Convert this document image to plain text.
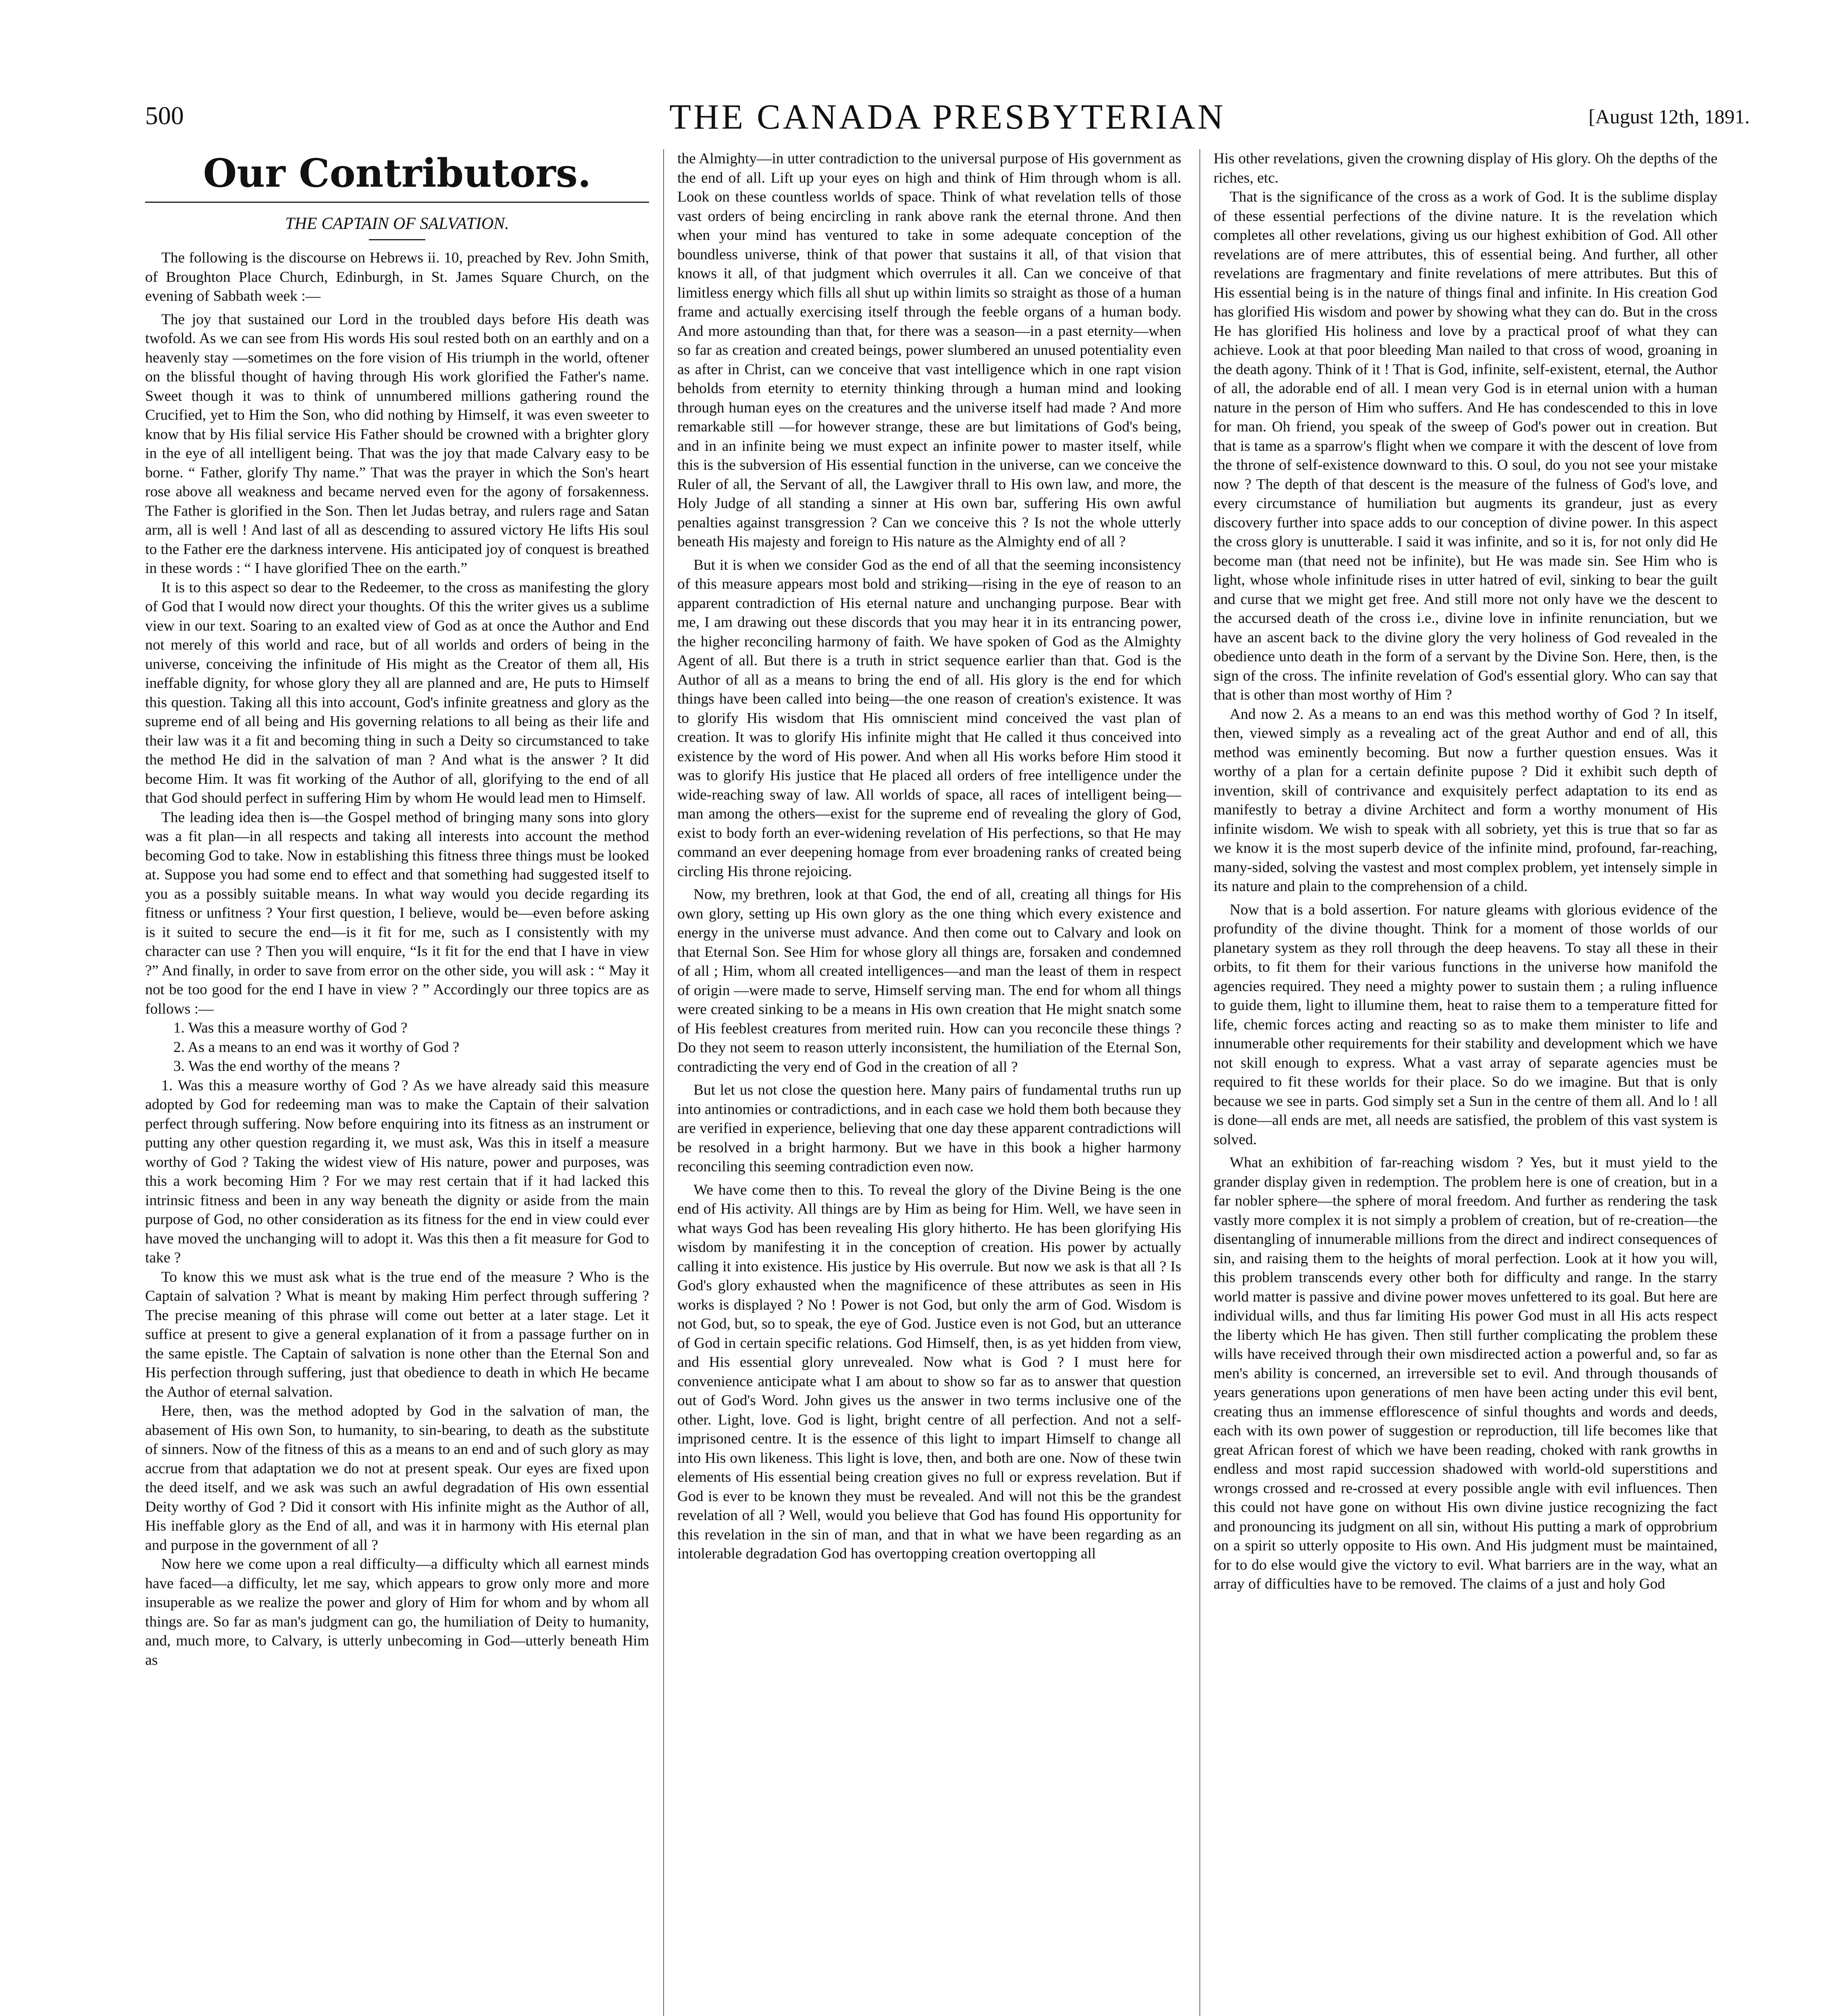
500	THE CANADA PRESBYTERIAN	[August 12th, 1891.
Our Contributors.
THE CAPTAIN OF SALVATION.

The following is the discourse on Hebrews ii. 10, preached by Rev. John Smith, of Broughton Place Church, Edinburgh, in St. James Square Church, on the evening of Sabbath week :—

The joy that sustained our Lord in the troubled days before His death was twofold. As we can see from His words His soul rested both on an earthly and on a heavenly stay —sometimes on the fore vision of His triumph in the world, oftener on the blissful thought of having through His work glorified the Father's name. Sweet though it was to think of unnumbered millions gathering round the Crucified, yet to Him the Son, who did nothing by Himself, it was even sweeter to know that by His filial service His Father should be crowned with a brighter glory in the eye of all intelligent being. That was the joy that made Calvary easy to be borne. “ Father, glorify Thy name.” That was the prayer in which the Son's heart rose above all weakness and became nerved even for the agony of forsakenness. The Father is glorified in the Son. Then let Judas betray, and rulers rage and Satan arm, all is well ! And last of all as descending to assured victory He lifts His soul to the Father ere the darkness intervene. His anticipated joy of conquest is breathed in these words : “ I have glorified Thee on the earth.”

It is to this aspect so dear to the Redeemer, to the cross as manifesting the glory of God that I would now direct your thoughts. Of this the writer gives us a sublime view in our text. Soaring to an exalted view of God as at once the Author and End not merely of this world and race, but of all worlds and orders of being in the universe, conceiving the infinitude of His might as the Creator of them all, His ineffable dignity, for whose glory they all are planned and are, He puts to Himself this question. Taking all this into account, God's infinite greatness and glory as the supreme end of all being and His governing relations to all being as their life and their law was it a fit and becoming thing in such a Deity so circumstanced to take the method He did in the salvation of man ? And what is the answer ? It did become Him. It was fit working of the Author of all, glorifying to the end of all that God should perfect in suffering Him by whom He would lead men to Himself.

The leading idea then is—the Gospel method of bringing many sons into glory was a fit plan—in all respects and taking all interests into account the method becoming God to take. Now in establishing this fitness three things must be looked at. Suppose you had some end to effect and that something had suggested itself to you as a possibly suitable means. In what way would you decide regarding its fitness or unfitness ? Your first question, I believe, would be—even before asking is it suited to secure the end—is it fit for me, such as I consistently with my character can use ? Then you will enquire, “Is it fit for the end that I have in view ?” And finally, in order to save from error on the other side, you will ask : “ May it not be too good for the end I have in view ? ” Accordingly our three topics are as follows :—

1. Was this a measure worthy of God ?

2. As a means to an end was it worthy of God ?

3. Was the end worthy of the means ?

1. Was this a measure worthy of God ? As we have already said this measure adopted by God for redeeming man was to make the Captain of their salvation perfect through suffering. Now before enquiring into its fitness as an instrument or putting any other question regarding it, we must ask, Was this in itself a measure worthy of God ? Taking the widest view of His nature, power and purposes, was this a work becoming Him ? For we may rest certain that if it had lacked this intrinsic fitness and been in any way beneath the dignity or aside from the main purpose of God, no other consideration as its fitness for the end in view could ever have moved the unchanging will to adopt it. Was this then a fit measure for God to take ?

To know this we must ask what is the true end of the measure ? Who is the Captain of salvation ? What is meant by making Him perfect through suffering ? The precise meaning of this phrase will come out better at a later stage. Let it suffice at present to give a general explanation of it from a passage further on in the same epistle. The Captain of salvation is none other than the Eternal Son and His perfection through suffering, just that obedience to death in which He became the Author of eternal salvation.

Here, then, was the method adopted by God in the salvation of man, the abasement of His own Son, to humanity, to sin-bearing, to death as the substitute of sinners. Now of the fitness of this as a means to an end and of such glory as may accrue from that adaptation we do not at present speak. Our eyes are fixed upon the deed itself, and we ask was such an awful degradation of His own essential Deity worthy of God ? Did it consort with His infinite might as the Author of all, His ineffable glory as the End of all, and was it in harmony with His eternal plan and purpose in the government of all ?

Now here we come upon a real difficulty—a difficulty which all earnest minds have faced—a difficulty, let me say, which appears to grow only more and more insuperable as we realize the power and glory of Him for whom and by whom all things are. So far as man's judgment can go, the humiliation of Deity to humanity, and, much more, to Calvary, is utterly unbecoming in God—utterly beneath Him as

the Almighty—in utter contradiction to the universal purpose of His government as the end of all. Lift up your eyes on high and think of Him through whom is all. Look on these countless worlds of space. Think of what revelation tells of those vast orders of being encircling in rank above rank the eternal throne. And then when your mind has ventured to take in some adequate conception of the boundless universe, think of that power that sustains it all, of that vision that knows it all, of that judgment which overrules it all. Can we conceive of that limitless energy which fills all shut up within limits so straight as those of a human frame and actually exercising itself through the feeble organs of a human body. And more astounding than that, for there was a season—in a past eternity—when so far as creation and created beings, power slumbered an unused potentiality even as after in Christ, can we conceive that vast intelligence which in one rapt vision beholds from eternity to eternity thinking through a human mind and looking through human eyes on the creatures and the universe itself had made ? And more remarkable still —for however strange, these are but limitations of God's being, and in an infinite being we must expect an infinite power to master itself, while this is the subversion of His essential function in the universe, can we conceive the Ruler of all, the Servant of all, the Lawgiver thrall to His own law, and more, the Holy Judge of all standing a sinner at His own bar, suffering His own awful penalties against transgression ? Can we conceive this ? Is not the whole utterly beneath His majesty and foreign to His nature as the Almighty end of all ?

But it is when we consider God as the end of all that the seeming inconsistency of this measure appears most bold and striking—rising in the eye of reason to an apparent contradiction of His eternal nature and unchanging purpose. Bear with me, I am drawing out these discords that you may hear it in its entrancing power, the higher reconciling harmony of faith. We have spoken of God as the Almighty Agent of all. But there is a truth in strict sequence earlier than that. God is the Author of all as a means to bring the end of all. His glory is the end for which things have been called into being—the one reason of creation's existence. It was to glorify His wisdom that His omniscient mind conceived the vast plan of creation. It was to glorify His infinite might that He called it thus conceived into existence by the word of His power. And when all His works before Him stood it was to glorify His justice that He placed all orders of free intelligence under the wide-reaching sway of law. All worlds of space, all races of intelligent being—man among the others—exist for the supreme end of revealing the glory of God, exist to body forth an ever-widening revelation of His perfections, so that He may command an ever deepening homage from ever broadening ranks of created being circling His throne rejoicing.

Now, my brethren, look at that God, the end of all, creating all things for His own glory, setting up His own glory as the one thing which every existence and energy in the universe must advance. And then come out to Calvary and look on that Eternal Son. See Him for whose glory all things are, forsaken and condemned of all ; Him, whom all created intelligences—and man the least of them in respect of origin —were made to serve, Himself serving man. The end for whom all things were created sinking to be a means in His own creation that He might snatch some of His feeblest creatures from merited ruin. How can you reconcile these things ? Do they not seem to reason utterly inconsistent, the humiliation of the Eternal Son, contradicting the very end of God in the creation of all ?

But let us not close the question here. Many pairs of fundamental truths run up into antinomies or contradictions, and in each case we hold them both because they are verified in experience, believing that one day these apparent contradictions will be resolved in a bright harmony. But we have in this book a higher harmony reconciling this seeming contradiction even now.

We have come then to this. To reveal the glory of the Divine Being is the one end of His activity. All things are by Him as being for Him. Well, we have seen in what ways God has been revealing His glory hitherto. He has been glorifying His wisdom by manifesting it in the conception of creation. His power by actually calling it into existence. His justice by His overrule. But now we ask is that all ? Is God's glory exhausted when the magnificence of these attributes as seen in His works is displayed ? No ! Power is not God, but only the arm of God. Wisdom is not God, but, so to speak, the eye of God. Justice even is not God, but an utterance of God in certain specific relations. God Himself, then, is as yet hidden from view, and His essential glory unrevealed. Now what is God ? I must here for convenience anticipate what I am about to show so far as to answer that question out of God's Word. John gives us the answer in two terms inclusive one of the other. Light, love. God is light, bright centre of all perfection. And not a self-imprisoned centre. It is the essence of this light to impart Himself to change all into His own likeness. This light is love, then, and both are one. Now of these twin elements of His essential being creation gives no full or express revelation. But if God is ever to be known they must be revealed. And will not this be the grandest revelation of all ? Well, would you believe that God has found His opportunity for this revelation in the sin of man, and that in what we have been regarding as an intolerable degradation God has overtopping creation overtopping all

His other revelations, given the crowning display of His glory. Oh the depths of the riches, etc.

That is the significance of the cross as a work of God. It is the sublime display of these essential perfections of the divine nature. It is the revelation which completes all other revelations, giving us our highest exhibition of God. All other revelations are of mere attributes, this of essential being. And further, all other revelations are fragmentary and finite revelations of mere attributes. But this of His essential being is in the nature of things final and infinite. In His creation God has glorified His wisdom and power by showing what they can do. But in the cross He has glorified His holiness and love by a practical proof of what they can achieve. Look at that poor bleeding Man nailed to that cross of wood, groaning in the death agony. Think of it ! That is God, infinite, self-existent, eternal, the Author of all, the adorable end of all. I mean very God is in eternal union with a human nature in the person of Him who suffers. And He has condescended to this in love for man. Oh friend, you speak of the sweep of God's power out in creation. But that is tame as a sparrow's flight when we compare it with the descent of love from the throne of self-existence downward to this. O soul, do you not see your mistake now ? The depth of that descent is the measure of the fulness of God's love, and every circumstance of humiliation but augments its grandeur, just as every discovery further into space adds to our conception of divine power. In this aspect the cross glory is unutterable. I said it was infinite, and so it is, for not only did He become man (that need not be infinite), but He was made sin. See Him who is light, whose whole infinitude rises in utter hatred of evil, sinking to bear the guilt and curse that we might get free. And still more not only have we the descent to the accursed death of the cross i.e., divine love in infinite renunciation, but we have an ascent back to the divine glory the very holiness of God revealed in the obedience unto death in the form of a servant by the Divine Son. Here, then, is the sign of the cross. The infinite revelation of God's essential glory. Who can say that that is other than most worthy of Him ?

And now 2. As a means to an end was this method worthy of God ? In itself, then, viewed simply as a revealing act of the great Author and end of all, this method was eminently becoming. But now a further question ensues. Was it worthy of a plan for a certain definite pupose ? Did it exhibit such depth of invention, skill of contrivance and exquisitely perfect adaptation to its end as manifestly to betray a divine Architect and form a worthy monument of His infinite wisdom. We wish to speak with all sobriety, yet this is true that so far as we know it is the most superb device of the infinite mind, profound, far-reaching, many-sided, solving the vastest and most complex problem, yet intensely simple in its nature and plain to the comprehension of a child.

Now that is a bold assertion. For nature gleams with glorious evidence of the profundity of the divine thought. Think for a moment of those worlds of our planetary system as they roll through the deep heavens. To stay all these in their orbits, to fit them for their various functions in the universe how manifold the agencies required. They need a mighty power to sustain them ; a ruling influence to guide them, light to illumine them, heat to raise them to a temperature fitted for life, chemic forces acting and reacting so as to make them minister to life and innumerable other requirements for their stability and development which we have not skill enough to express. What a vast array of separate agencies must be required to fit these worlds for their place. So do we imagine. But that is only because we see in parts. God simply set a Sun in the centre of them all. And lo ! all is done—all ends are met, all needs are satisfied, the problem of this vast system is solved.

What an exhibition of far-reaching wisdom ? Yes, but it must yield to the grander display given in redemption. The problem here is one of creation, but in a far nobler sphere—the sphere of moral freedom. And further as rendering the task vastly more complex it is not simply a problem of creation, but of re-creation—the disentangling of innumerable millions from the direct and indirect consequences of sin, and raising them to the heights of moral perfection. Look at it how you will, this problem transcends every other both for difficulty and range. In the starry world matter is passive and divine power moves unfettered to its goal. But here are individual wills, and thus far limiting His power God must in all His acts respect the liberty which He has given. Then still further complicating the problem these wills have received through their own misdirected action a powerful and, so far as men's ability is concerned, an irreversible set to evil. And through thousands of years generations upon generations of men have been acting under this evil bent, creating thus an immense efflorescence of sinful thoughts and words and deeds, each with its own power of suggestion or reproduction, till life becomes like that great African forest of which we have been reading, choked with rank growths in endless and most rapid succession shadowed with world-old superstitions and wrongs crossed and re-crossed at every possible angle with evil influences. Then this could not have gone on without His own divine justice recognizing the fact and pronouncing its judgment on all sin, without His putting a mark of opprobrium on a spirit so utterly opposite to His own. And His judgment must be maintained, for to do else would give the victory to evil. What barriers are in the way, what an array of difficulties have to be removed. The claims of a just and holy God
